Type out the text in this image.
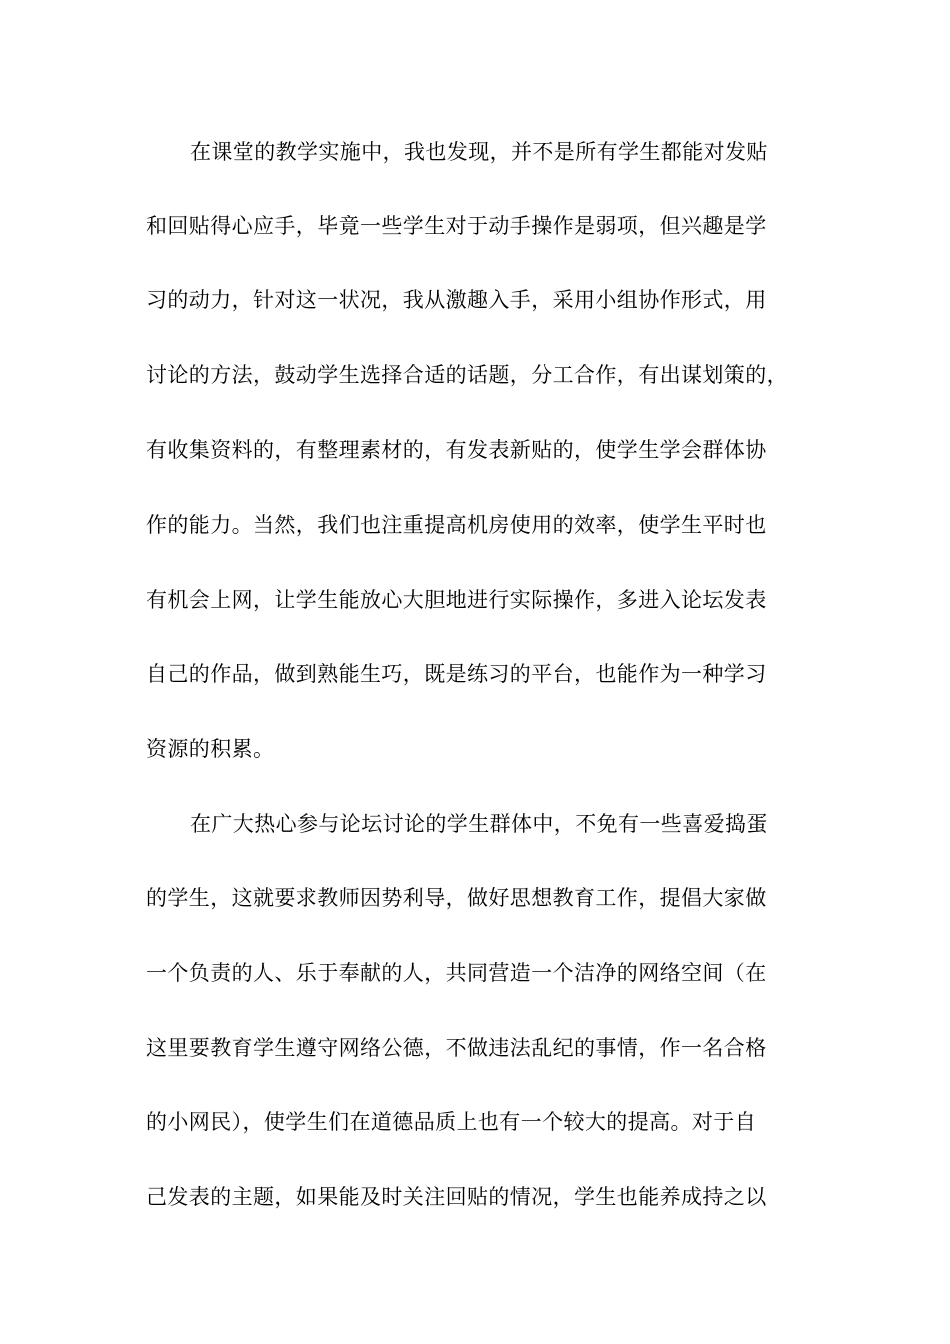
在课堂的教学实施中，我也发现，并不是所有学生都能对发贴
和回贴得心应手，毕竟一些学生对于动手操作是弱项，但兴趣是学
习的动力，针对这一状况，我从激趣入手，采用小组协作形式，用
讨论的方法，鼓动学生选择合适的话题，分工合作，有出谋划策的，
有收集资料的，有整理素材的，有发表新贴的，使学生学会群体协
作的能力。当然，我们也注重提高机房使用的效率，使学生平时也
有机会上网，让学生能放心大胆地进行实际操作，多进入论坛发表
自己的作品，做到熟能生巧，既是练习的平台，也能作为一种学习
资源的积累。
在广大热心参与论坛讨论的学生群体中，不免有一些喜爱捣蛋
的学生，这就要求教师因势利导，做好思想教育工作，提倡大家做
一个负责的人、乐于奉献的人，共同营造一个洁净的网络空间（在
这里要教育学生遵守网络公德，不做违法乱纪的事情，作一名合格
的小网民），使学生们在道德品质上也有一个较大的提高。对于自
己发表的主题，如果能及时关注回贴的情况，学生也能养成持之以
